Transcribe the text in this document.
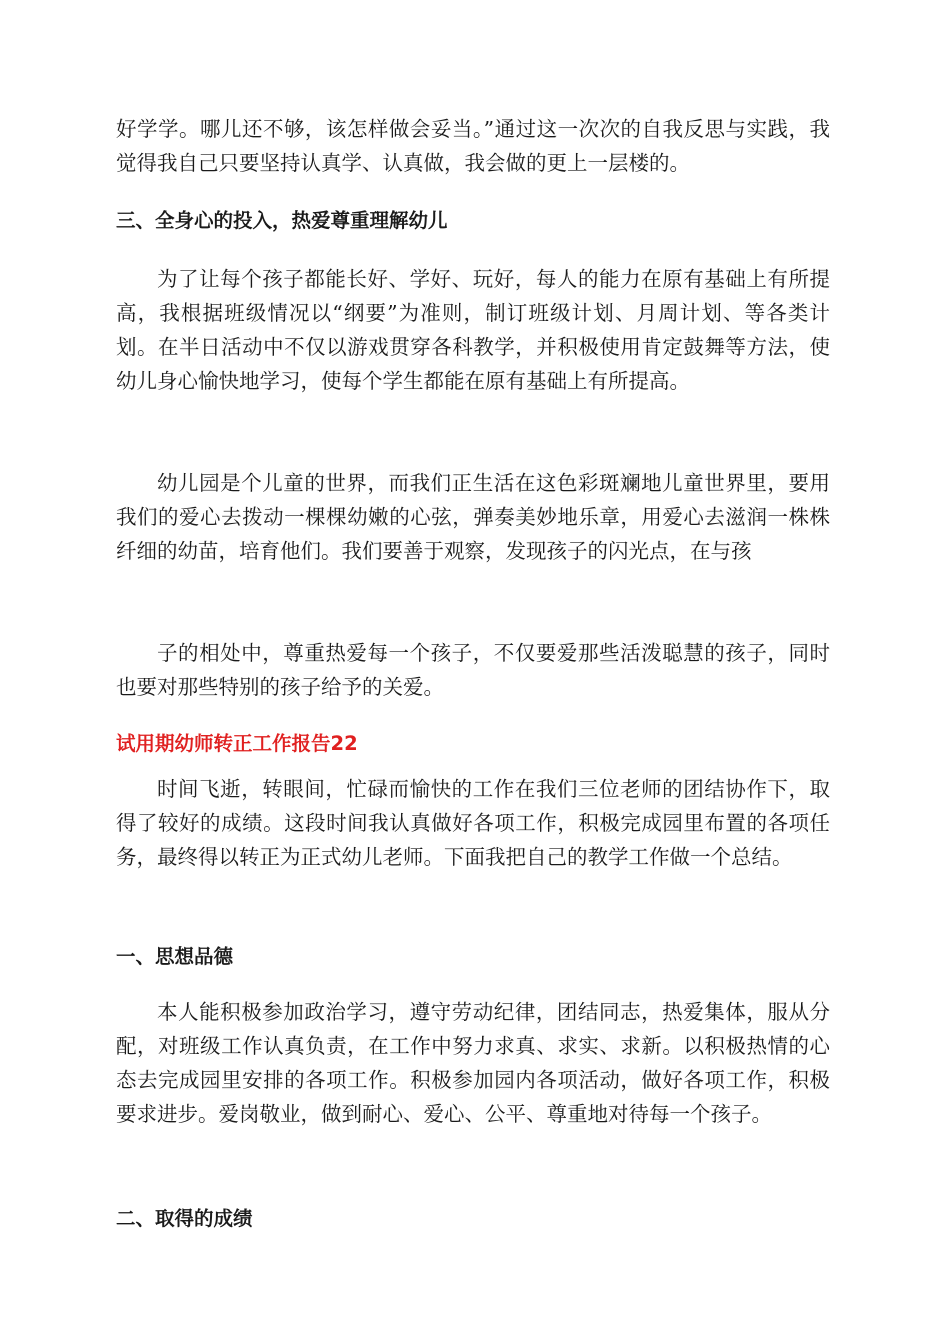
好学学。哪儿还不够，该怎样做会妥当。”通过这一次次的自我反思与实践，我觉得我自己只要坚持认真学、认真做，我会做的更上一层楼的。

三、全身心的投入，热爱尊重理解幼儿

为了让每个孩子都能长好、学好、玩好，每人的能力在原有基础上有所提高，我根据班级情况以“纲要”为准则，制订班级计划、月周计划、等各类计划。在半日活动中不仅以游戏贯穿各科教学，并积极使用肯定鼓舞等方法，使幼儿身心愉快地学习，使每个学生都能在原有基础上有所提高。

幼儿园是个儿童的世界，而我们正生活在这色彩斑斓地儿童世界里，要用我们的爱心去拨动一棵棵幼嫩的心弦，弹奏美妙地乐章，用爱心去滋润一株株纤细的幼苗，培育他们。我们要善于观察，发现孩子的闪光点，在与孩

子的相处中，尊重热爱每一个孩子，不仅要爱那些活泼聪慧的孩子，同时也要对那些特别的孩子给予的关爱。

试用期幼师转正工作报告22

时间飞逝，转眼间，忙碌而愉快的工作在我们三位老师的团结协作下，取得了较好的成绩。这段时间我认真做好各项工作，积极完成园里布置的各项任务，最终得以转正为正式幼儿老师。下面我把自己的教学工作做一个总结。

一、思想品德

本人能积极参加政治学习，遵守劳动纪律，团结同志，热爱集体，服从分配，对班级工作认真负责，在工作中努力求真、求实、求新。以积极热情的心态去完成园里安排的各项工作。积极参加园内各项活动，做好各项工作，积极要求进步。爱岗敬业，做到耐心、爱心、公平、尊重地对待每一个孩子。

二、取得的成绩
